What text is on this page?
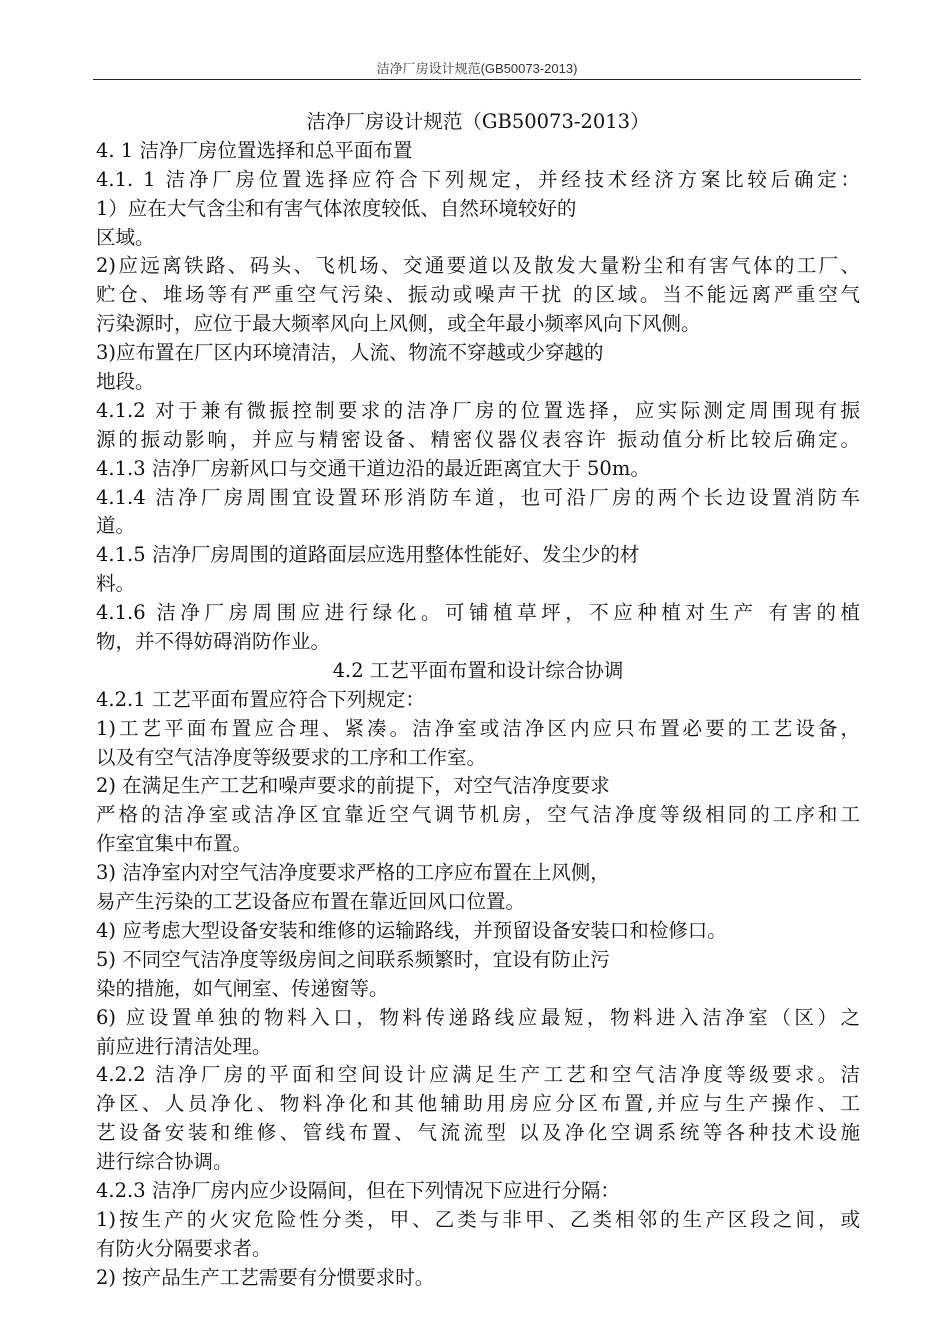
洁净厂房设计规范(GB50073-2013)
洁净厂房设计规范（GB50073-2013）
4. 1 洁净厂房位置选择和总平面布置
4.1. 1 洁净厂房位置选择应符合下列规定，并经技术经济方案比较后确定：
1）应在大气含尘和有害气体浓度较低、自然环境较好的
区域。
2)应远离铁路、码头、飞机场、交通要道以及散发大量粉尘和有害气体的工厂、
贮仓、堆场等有严重空气污染、振动或噪声干扰 的区域。当不能远离严重空气
污染源时，应位于最大频率风向上风侧，或全年最小频率风向下风侧。
3)应布置在厂区内环境清洁，人流、物流不穿越或少穿越的
地段。
4.1.2 对于兼有微振控制要求的洁净厂房的位置选择，应实际测定周围现有振
源的振动影响，并应与精密设备、精密仪器仪表容许 振动值分析比较后确定。
4.1.3 洁净厂房新风口与交通干道边沿的最近距离宜大于 50m。
4.1.4 洁净厂房周围宜设置环形消防车道，也可沿厂房的两个长边设置消防车
道。
4.1.5 洁净厂房周围的道路面层应选用整体性能好、发尘少的材
料。
4.1.6 洁净厂房周围应进行绿化。可铺植草坪，不应种植对生产 有害的植
物，并不得妨碍消防作业。
4.2 工艺平面布置和设计综合协调
4.2.1 工艺平面布置应符合下列规定：
1)工艺平面布置应合理、紧凑。洁净室或洁净区内应只布置必要的工艺设备，
以及有空气洁净度等级要求的工序和工作室。
2) 在满足生产工艺和噪声要求的前提下，对空气洁净度要求
严格的洁净室或洁净区宜靠近空气调节机房，空气洁净度等级相同的工序和工
作室宜集中布置。
3) 洁净室内对空气洁净度要求严格的工序应布置在上风侧，
易产生污染的工艺设备应布置在靠近回风口位置。
4) 应考虑大型设备安装和维修的运输路线，并预留设备安装口和检修口。
5) 不同空气洁净度等级房间之间联系频繁时，宜设有防止污
染的措施，如气闸室、传递窗等。
6) 应设置单独的物料入口，物料传递路线应最短，物料进入洁净室（区）之
前应进行清洁处理。
4.2.2 洁净厂房的平面和空间设计应满足生产工艺和空气洁净度等级要求。洁
净区、人员净化、物料净化和其他辅助用房应分区布置,并应与生产操作、工
艺设备安装和维修、管线布置、气流流型 以及净化空调系统等各种技术设施
进行综合协调。
4.2.3 洁净厂房内应少设隔间，但在下列情况下应进行分隔：
1)按生产的火灾危险性分类，甲、乙类与非甲、乙类相邻的生产区段之间，或
有防火分隔要求者。
2) 按产品生产工艺需要有分惯要求时。
